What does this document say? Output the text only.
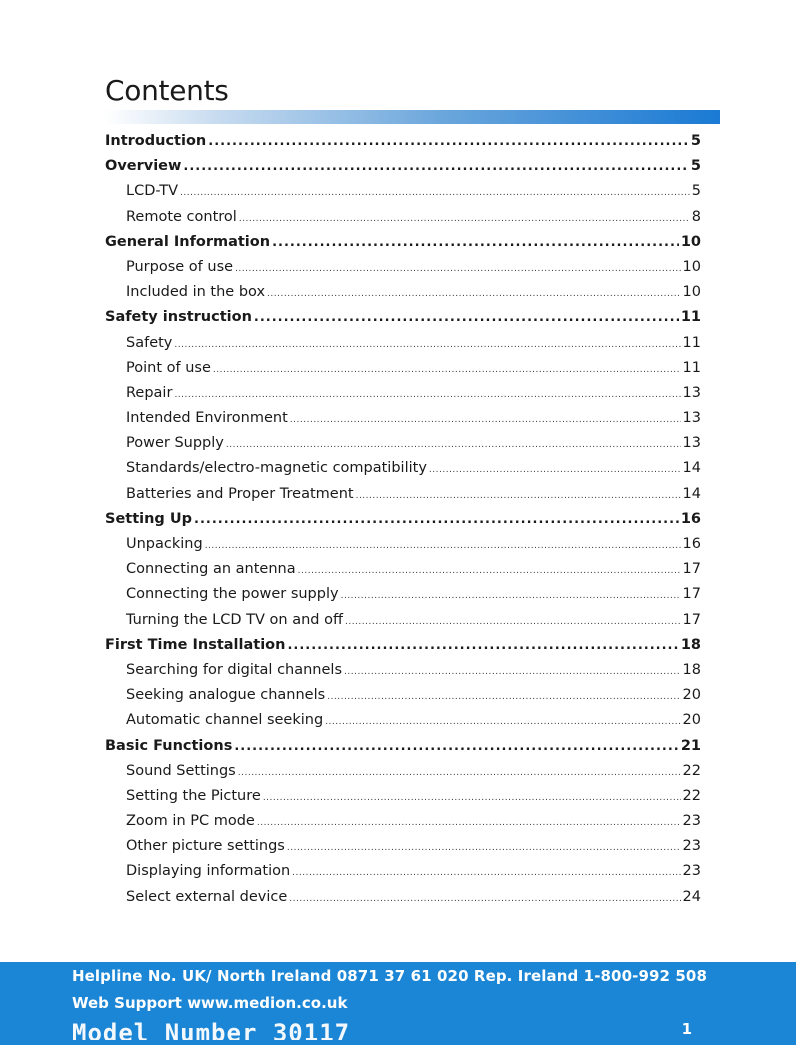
Contents
Introduction .....	5
Overview .....	5
LCD-TV .....	5
Remote control .....	8
General Information .....	10
Purpose of use .....	10
Included in the box .....	10
Safety instruction .....	11
Safety .....	11
Point of use .....	11
Repair .....	13
Intended Environment .....	13
Power Supply .....	13
Standards/electro-magnetic compatibility .....	14
Batteries and Proper Treatment .....	14
Setting Up .....	16
Unpacking .....	16
Connecting an antenna .....	17
Connecting the power supply .....	17
Turning the LCD TV on and off .....	17
First Time Installation .....	18
Searching for digital channels .....	18
Seeking analogue channels .....	20
Automatic channel seeking .....	20
Basic Functions .....	21
Sound Settings .....	22
Setting the Picture .....	22
Zoom in PC mode .....	23
Other picture settings .....	23
Displaying information .....	23
Select external device .....	24
Helpline No. UK/ North Ireland 0871 37 61 020 Rep. Ireland 1-800-992 508
Web Support www.medion.co.uk
Model Number 30117	1
